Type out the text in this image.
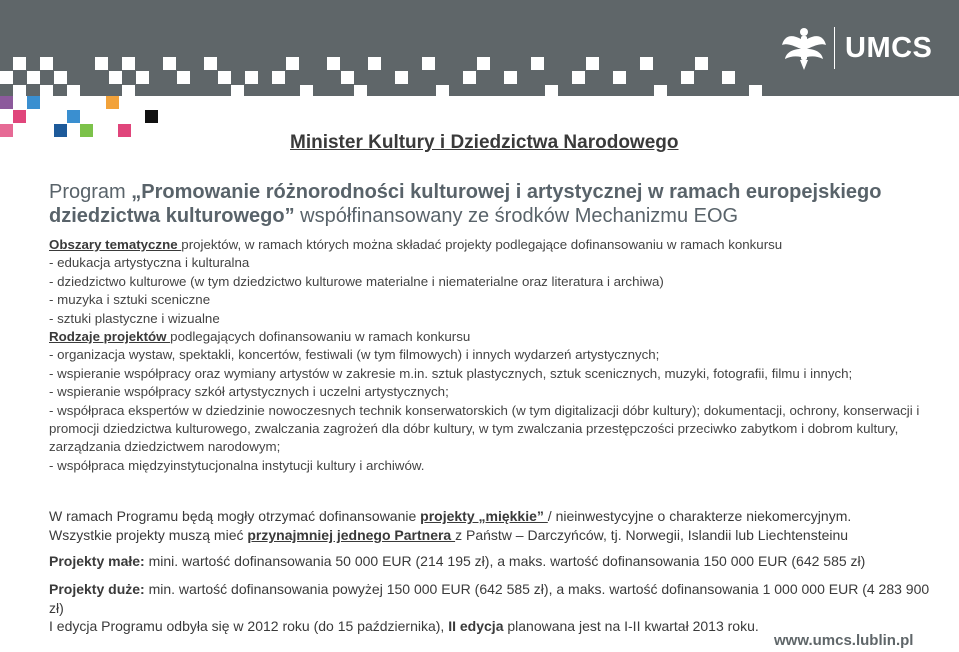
UMCS
Minister Kultury i Dziedzictwa Narodowego
Program „Promowanie różnorodności kulturowej i artystycznej w ramach europejskiego dziedzictwa kulturowego” współfinansowany ze środków Mechanizmu EOG
Obszary tematyczne projektów, w ramach których można składać projekty podlegające dofinansowaniu w ramach konkursu
- edukacja artystyczna i kulturalna
- dziedzictwo kulturowe (w tym dziedzictwo kulturowe materialne i niematerialne oraz literatura i archiwa)
- muzyka i sztuki sceniczne
- sztuki plastyczne i wizualne
Rodzaje projektów podlegających dofinansowaniu w ramach konkursu
- organizacja wystaw, spektakli, koncertów, festiwali (w tym filmowych) i innych wydarzeń artystycznych;
- wspieranie współpracy oraz wymiany artystów w zakresie m.in. sztuk plastycznych, sztuk scenicznych, muzyki, fotografii, filmu i innych;
- wspieranie współpracy szkół artystycznych i uczelni artystycznych;
- współpraca ekspertów w dziedzinie nowoczesnych technik konserwatorskich (w tym digitalizacji dóbr kultury); dokumentacji, ochrony, konserwacji i promocji dziedzictwa kulturowego, zwalczania zagrożeń dla dóbr kultury, w tym zwalczania przestępczości przeciwko zabytkom i dobrom kultury, zarządzania dziedzictwem narodowym;
- współpraca międzyinstytucjonalna instytucji kultury i archiwów.
W ramach Programu będą mogły otrzymać dofinansowanie projekty „miękkie” / nieinwestycyjne o charakterze niekomercyjnym.
Wszystkie projekty muszą mieć przynajmniej jednego Partnera z Państw – Darczyńców, tj. Norwegii, Islandii lub Liechtensteinu
Projekty małe: mini. wartość dofinansowania 50 000 EUR (214 195 zł), a maks. wartość dofinansowania 150 000 EUR (642 585 zł)
Projekty duże: min. wartość dofinansowania powyżej 150 000 EUR (642 585 zł), a maks. wartość dofinansowania 1 000 000 EUR (4 283 900 zł)
I edycja Programu odbyła się w 2012 roku (do 15 października), II edycja planowana jest na I-II kwartał 2013 roku.
www.umcs.lublin.pl
